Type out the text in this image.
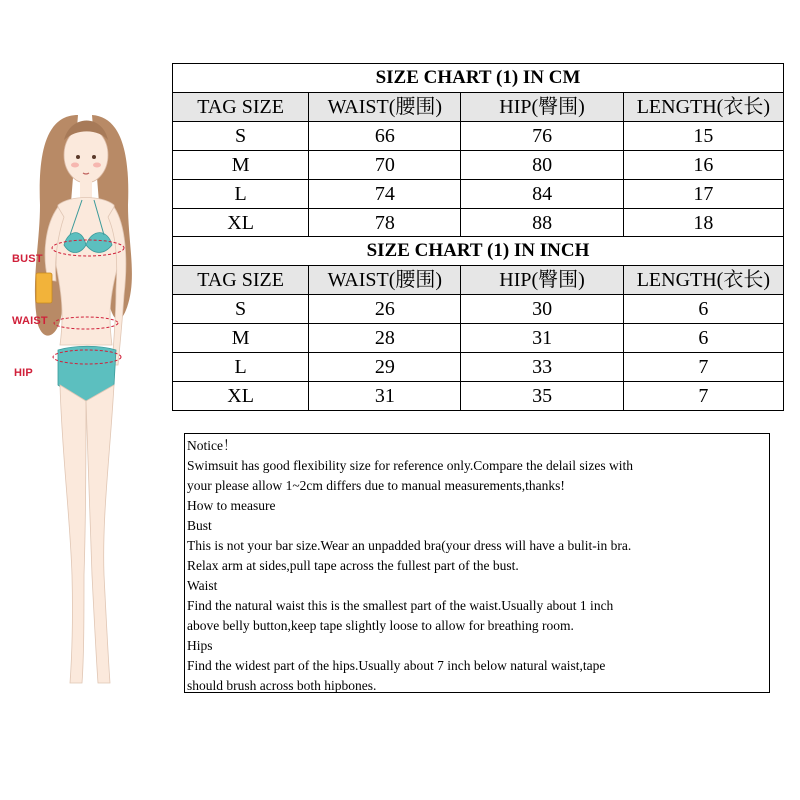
BUST
WAIST
HIP
SIZE CHART (1) IN CM			
TAG SIZE	WAIST(腰围)	HIP(臀围)	LENGTH(衣长)
S	66	76	15
M	70	80	16
L	74	84	17
XL	78	88	18
SIZE CHART (1) IN INCH			
TAG SIZE	WAIST(腰围)	HIP(臀围)	LENGTH(衣长)
S	26	30	6
M	28	31	6
L	29	33	7
XL	31	35	7
Notice！
Swimsuit has good flexibility size for reference only.Compare the delail sizes with
your please allow 1~2cm differs due to manual measurements,thanks!
How to measure
Bust
This is not your bar size.Wear an unpadded bra(your dress will have a bulit-in bra.
Relax arm at sides,pull tape across the fullest part of the bust.
Waist
Find the natural waist this is the smallest part of the waist.Usually about 1 inch
above belly button,keep tape slightly loose to allow for breathing room.
Hips
Find the widest part of the hips.Usually about 7 inch below natural waist,tape
should brush across both hipbones.
